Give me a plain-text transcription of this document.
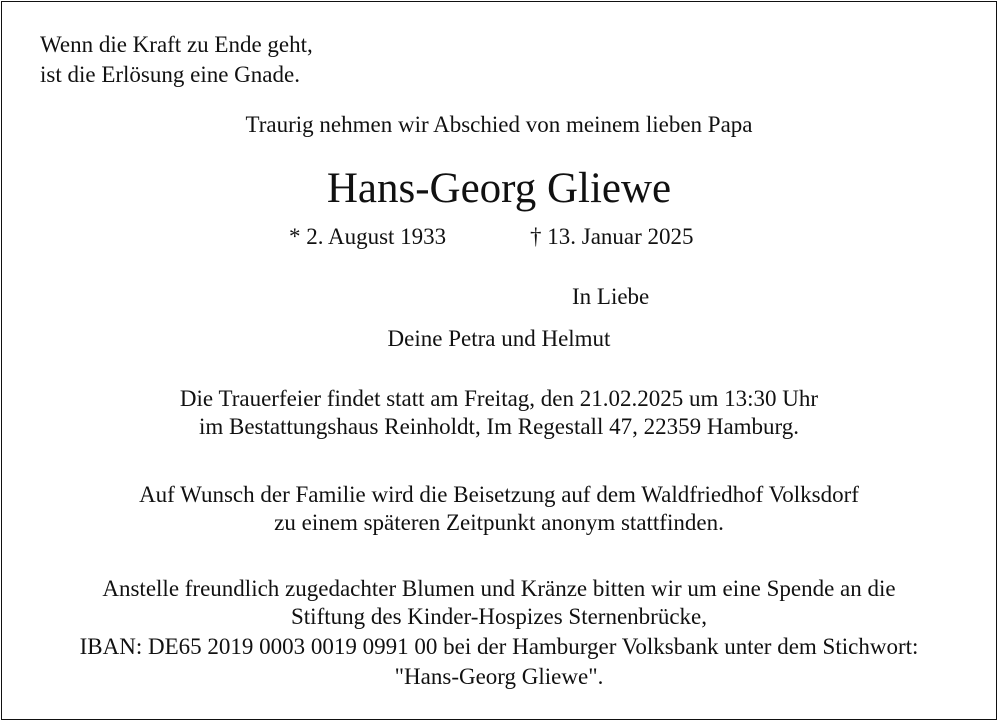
Wenn die Kraft zu Ende geht,
ist die Erlösung eine Gnade.
Traurig nehmen wir Abschied von meinem lieben Papa
Hans-Georg Gliewe
* 2. August 1933	† 13. Januar 2025
In Liebe
Deine Petra und Helmut
Die Trauerfeier findet statt am Freitag, den 21.02.2025 um 13:30 Uhr
im Bestattungshaus Reinholdt, Im Regestall 47, 22359 Hamburg.
Auf Wunsch der Familie wird die Beisetzung auf dem Waldfriedhof Volksdorf
zu einem späteren Zeitpunkt anonym stattfinden.
Anstelle freundlich zugedachter Blumen und Kränze bitten wir um eine Spende an die
Stiftung des Kinder-Hospizes Sternenbrücke,
IBAN: DE65 2019 0003 0019 0991 00 bei der Hamburger Volksbank unter dem Stichwort:
"Hans-Georg Gliewe".
